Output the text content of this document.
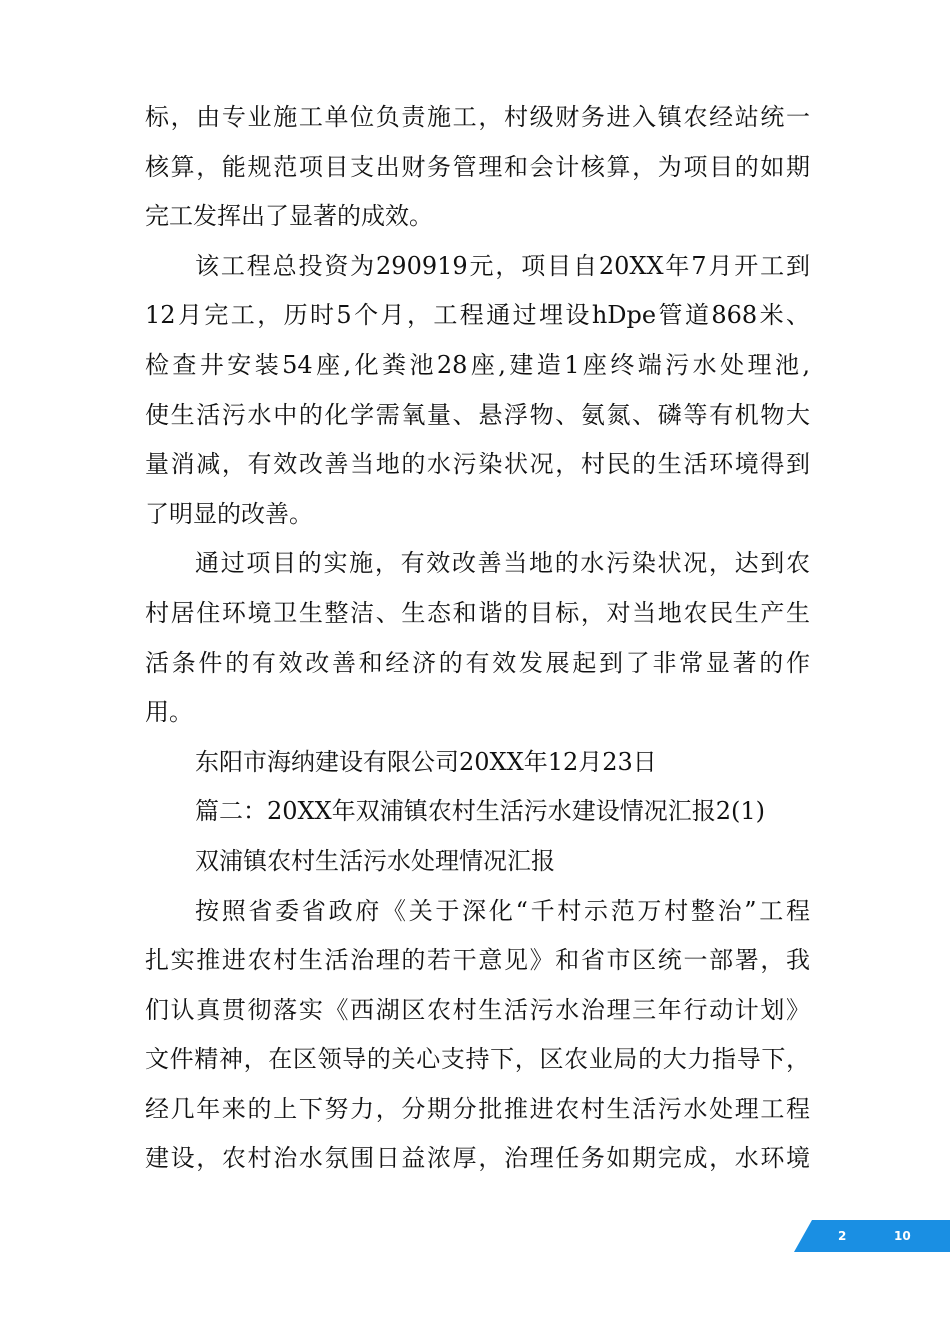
标，由专业施工单位负责施工，村级财务进入镇农经站统一
核算，能规范项目支出财务管理和会计核算，为项目的如期
完工发挥出了显著的成效。
该工程总投资为290919元，项目自20XX年7月开工到
12月完工，历时5个月，工程通过埋设hDpe管道868米、
检查井安装54座,化粪池28座,建造1座终端污水处理池,
使生活污水中的化学需氧量、悬浮物、氨氮、磷等有机物大
量消减，有效改善当地的水污染状况，村民的生活环境得到
了明显的改善。
通过项目的实施，有效改善当地的水污染状况，达到农
村居住环境卫生整洁、生态和谐的目标，对当地农民生产生
活条件的有效改善和经济的有效发展起到了非常显著的作
用。
东阳市海纳建设有限公司20XX年12月23日
篇二：20XX年双浦镇农村生活污水建设情况汇报2(1)
双浦镇农村生活污水处理情况汇报
按照省委省政府《关于深化“千村示范万村整治”工程
扎实推进农村生活治理的若干意见》和省市区统一部署，我
们认真贯彻落实《西湖区农村生活污水治理三年行动计划》
文件精神，在区领导的关心支持下，区农业局的大力指导下，
经几年来的上下努力，分期分批推进农村生活污水处理工程
建设，农村治水氛围日益浓厚，治理任务如期完成，水环境
2	10
